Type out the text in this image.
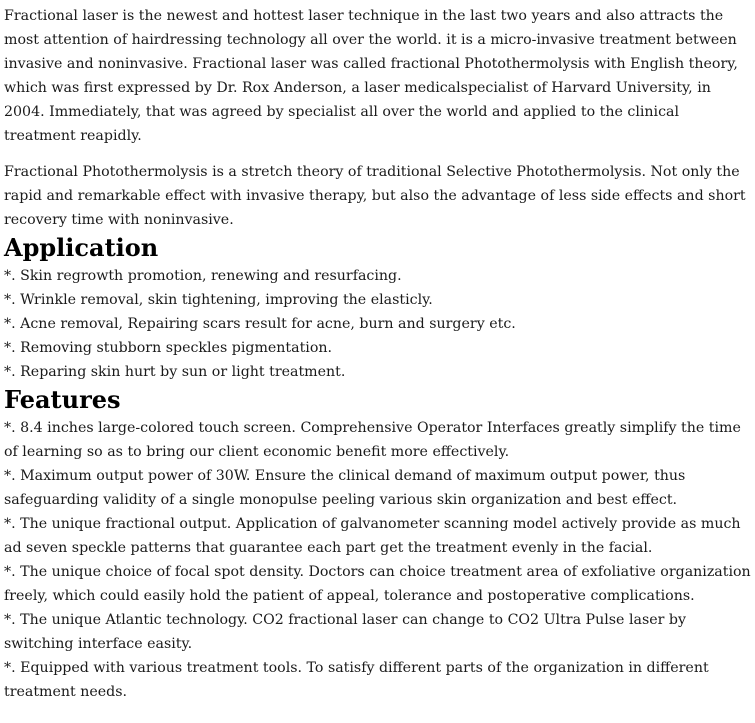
Fractional laser is the newest and hottest laser technique in the last two years and also attracts the most attention of hairdressing technology all over the world. it is a micro-invasive treatment between invasive and noninvasive. Fractional laser was called fractional Photothermolysis with English theory, which was first expressed by Dr. Rox Anderson, a laser medicalspecialist of Harvard University, in 2004. Immediately, that was agreed by specialist all over the world and applied to the clinical treatment reapidly.

Fractional Photothermolysis is a stretch theory of traditional Selective Photothermolysis. Not only the rapid and remarkable effect with invasive therapy, but also the advantage of less side effects and short recovery time with noninvasive.

Application
*. Skin regrowth promotion, renewing and resurfacing.
*. Wrinkle removal, skin tightening, improving the elasticly.
*. Acne removal, Repairing scars result for acne, burn and surgery etc.
*. Removing stubborn speckles pigmentation.
*. Reparing skin hurt by sun or light treatment.
Features
*. 8.4 inches large-colored touch screen. Comprehensive Operator Interfaces greatly simplify the time of learning so as to bring our client economic benefit more effectively.
*. Maximum output power of 30W. Ensure the clinical demand of maximum output power, thus safeguarding validity of a single monopulse peeling various skin organization and best effect.
*. The unique fractional output. Application of galvanometer scanning model actively provide as much ad seven speckle patterns that guarantee each part get the treatment evenly in the facial.
*. The unique choice of focal spot density. Doctors can choice treatment area of exfoliative organization freely, which could easily hold the patient of appeal, tolerance and postoperative complications.
*. The unique Atlantic technology. CO2 fractional laser can change to CO2 Ultra Pulse laser by switching interface easity.
*. Equipped with various treatment tools. To satisfy different parts of the organization in different treatment needs.
